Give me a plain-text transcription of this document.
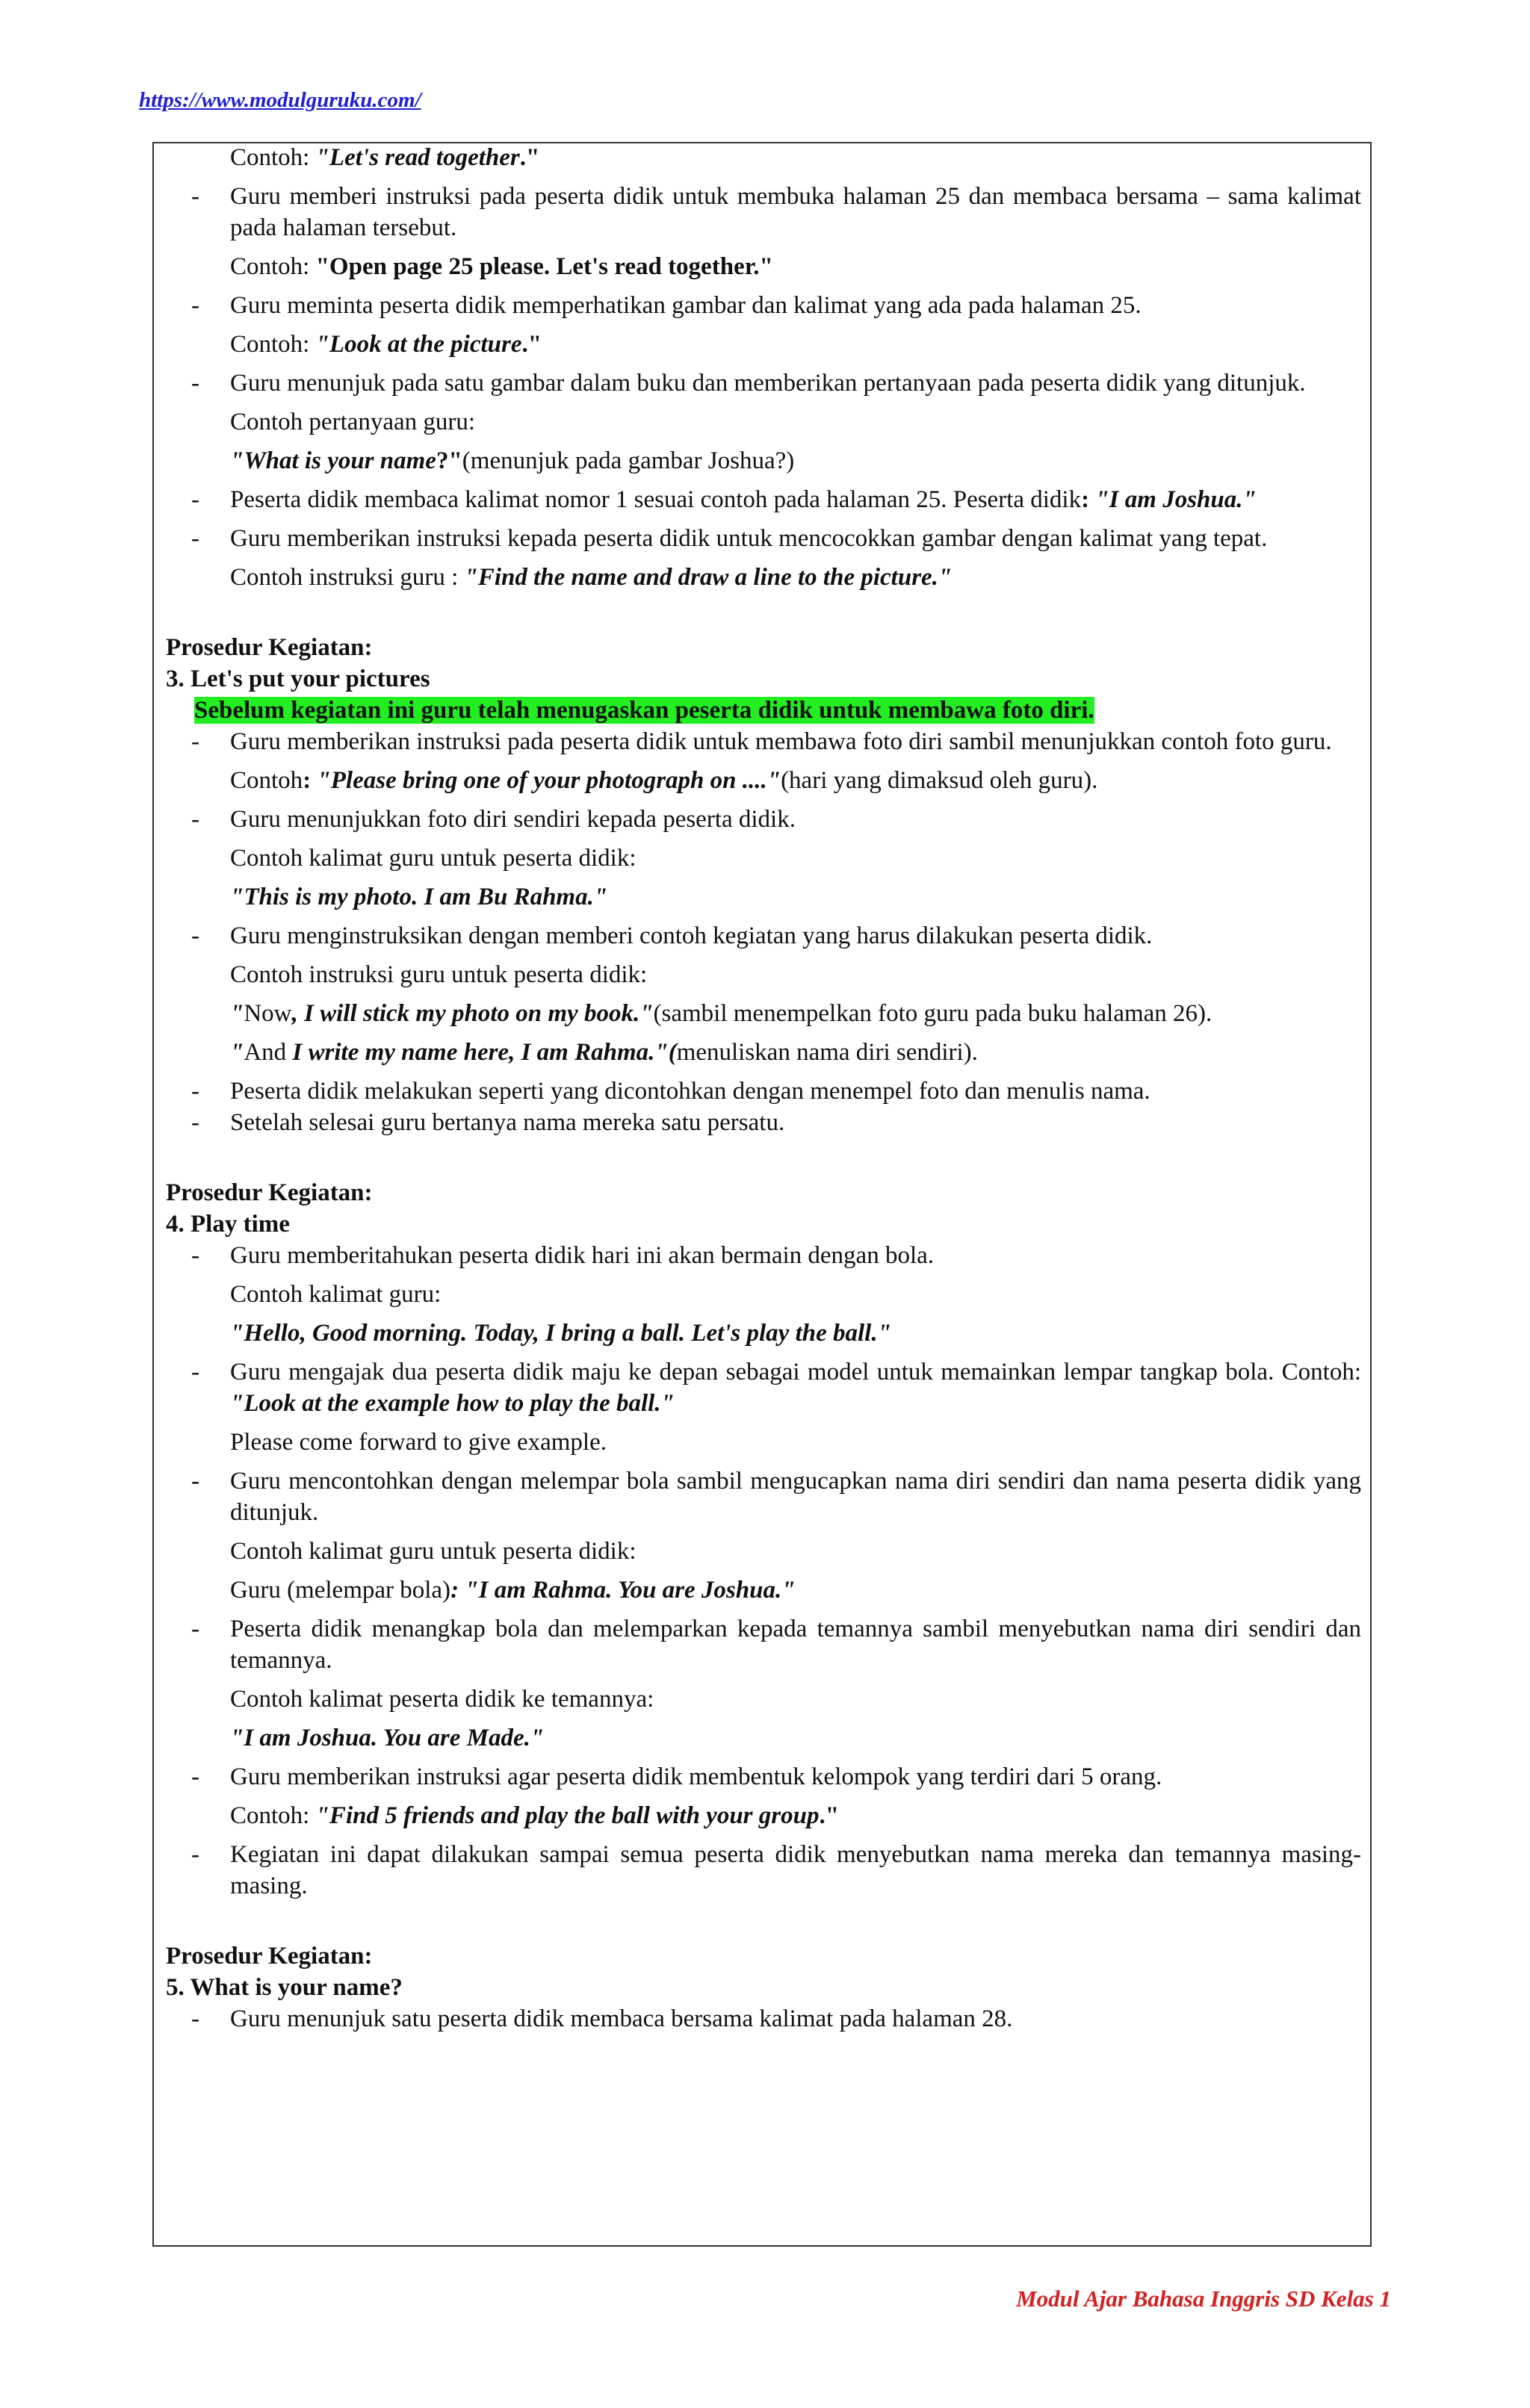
https://www.modulguruku.com/

Contoh: "Let's read together."

- Guru memberi instruksi pada peserta didik untuk membuka halaman 25 dan membaca bersama – sama kalimat pada halaman tersebut.

Contoh: "Open page 25 please. Let's read together."

- Guru meminta peserta didik memperhatikan gambar dan kalimat yang ada pada halaman 25.

Contoh: "Look at the picture."

- Guru menunjuk pada satu gambar dalam buku dan memberikan pertanyaan pada peserta didik yang ditunjuk.

Contoh pertanyaan guru:

"What is your name?"(menunjuk pada gambar Joshua?)

- Peserta didik membaca kalimat nomor 1 sesuai contoh pada halaman 25. Peserta didik: "I am Joshua."

- Guru memberikan instruksi kepada peserta didik untuk mencocokkan gambar dengan kalimat yang tepat.

Contoh instruksi guru : "Find the name and draw a line to the picture."

Prosedur Kegiatan:

3. Let's put your pictures

Sebelum kegiatan ini guru telah menugaskan peserta didik untuk membawa foto diri.

- Guru memberikan instruksi pada peserta didik untuk membawa foto diri sambil menunjukkan contoh foto guru.

Contoh: "Please bring one of your photograph on ...."(hari yang dimaksud oleh guru).

- Guru menunjukkan foto diri sendiri kepada peserta didik.

Contoh kalimat guru untuk peserta didik:

"This is my photo. I am Bu Rahma."

- Guru menginstruksikan dengan memberi contoh kegiatan yang harus dilakukan peserta didik.

Contoh instruksi guru untuk peserta didik:

"Now, I will stick my photo on my book."(sambil menempelkan foto guru pada buku halaman 26).

"And I write my name here, I am Rahma."(menuliskan nama diri sendiri).

- Peserta didik melakukan seperti yang dicontohkan dengan menempel foto dan menulis nama.

- Setelah selesai guru bertanya nama mereka satu persatu.

Prosedur Kegiatan:

4. Play time

- Guru memberitahukan peserta didik hari ini akan bermain dengan bola.

Contoh kalimat guru:

"Hello, Good morning. Today, I bring a ball. Let's play the ball."

- Guru mengajak dua peserta didik maju ke depan sebagai model untuk memainkan lempar tangkap bola. Contoh: "Look at the example how to play the ball."

Please come forward to give example.

- Guru mencontohkan dengan melempar bola sambil mengucapkan nama diri sendiri dan nama peserta didik yang ditunjuk.

Contoh kalimat guru untuk peserta didik:

Guru (melempar bola): "I am Rahma. You are Joshua."

- Peserta didik menangkap bola dan melemparkan kepada temannya sambil menyebutkan nama diri sendiri dan temannya.

Contoh kalimat peserta didik ke temannya:

"I am Joshua. You are Made."

- Guru memberikan instruksi agar peserta didik membentuk kelompok yang terdiri dari 5 orang.

Contoh: "Find 5 friends and play the ball with your group."

- Kegiatan ini dapat dilakukan sampai semua peserta didik menyebutkan nama mereka dan temannya masing-masing.

Prosedur Kegiatan:

5. What is your name?

- Guru menunjuk satu peserta didik membaca bersama kalimat pada halaman 28.

Modul Ajar Bahasa Inggris SD Kelas 1
